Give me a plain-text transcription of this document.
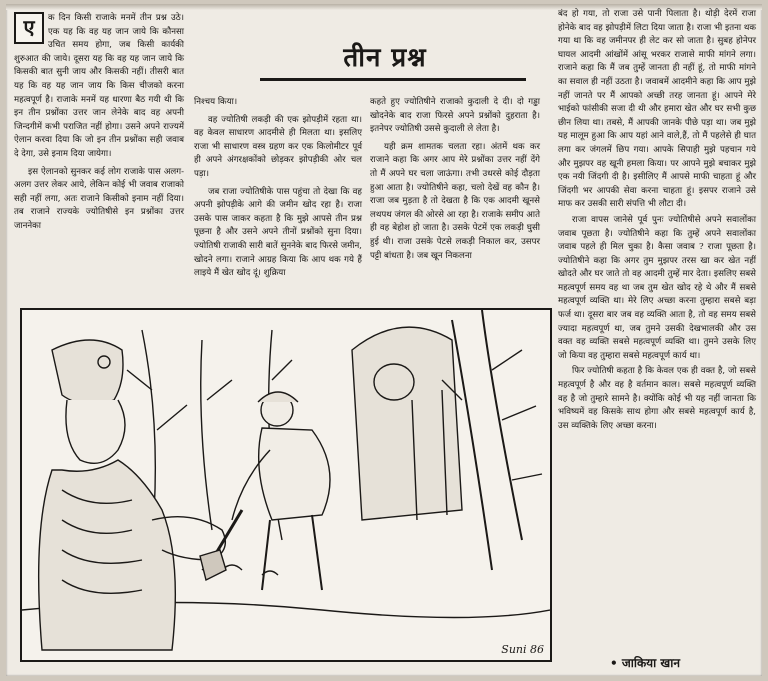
तीन प्रश्न

ए	क दिन किसी राजाके मनमें तीन प्रश्न उठे। एक यह कि वह यह जान जाये कि कौनसा उचित समय होगा, जब किसी कार्यकी शुरुआत की जाये। दूसरा यह कि वह यह जान जाये कि किसकी बात सुनी जाय और किसकी नहीं। तीसरी बात यह कि वह यह जान जाय कि किस चीजको करना महत्वपूर्ण है। राजाके मनमें यह धारणा बैठ गयी थी कि इन तीन प्रश्नोंका उत्तर जान लेनेके बाद वह अपनी जिन्दगीमें कभी पराजित नहीं होगा। उसने अपने राज्यमें ऐलान करवा दिया कि जो इन तीन प्रश्नोंका सही जवाब दे देगा, उसे इनाम दिया जायेगा।

इस ऐलानको सुनकर कई लोग राजाके पास अलग-अलग उत्तर लेकर आये, लेकिन कोई भी जवाब राजाको सही नहीं लगा, अतः राजाने किसीको इनाम नहीं दिया। तब राजाने राज्यके ज्योतिषीसे इन प्रश्नोंका उत्तर जाननेका

निश्चय किया।

वह ज्योतिषी लकड़ी की एक झोपड़ीमें रहता था। वह केवल साधारण आदमीसे ही मिलता था। इसलिए राजा भी साधारण वस्त्र ग्रहण कर एक किलोमीटर पूर्व ही अपने अंगरक्षकोंको छोड़कर झोपड़ीकी ओर चल पड़ा।

जब राजा ज्योतिषीके पास पहुंचा तो देखा कि वह अपनी झोपड़ीके आगे की जमीन खोद रहा है। राजा उसके पास जाकर कहता है कि मुझे आपसे तीन प्रश्न पूछना है और उसने अपने तीनों प्रश्नोंको सुना दिया। ज्योतिषी राजाकी सारी बातें सुननेके बाद फिरसे जमीन, खोदने लगा। राजाने आग्रह किया कि आप थक गये हैं लाइये मैं खेत खोद दूं। शुक्रिया

कहते हुए ज्योतिषीने राजाको कुदाली दे दी। दो गड्ढा खोदनेके बाद राजा फिरसे अपने प्रश्नोंको दुहराता है। इतनेपर ज्योतिषी उससे कुदाली ले लेता है।

यही क्रम शामतक चलता रहा। अंतमें थक कर राजाने कहा कि अगर आप मेरे प्रश्नोंका उत्तर नहीं देंगे तो मैं अपने घर चला जाऊंगा। तभी उधरसे कोई दौड़ता हुआ आता है। ज्योतिषीने कहा, चलो देखें वह कौन है। राजा जब मुड़ता है तो देखता है कि एक आदमी खूनसे लथपथ जंगल की ओरसे आ रहा है। राजाके समीप आते ही वह बेहोश हो जाता है। उसके पेटमें एक लकड़ी घुसी हुई थी। राजा उसके पेटसे लकड़ी निकाल कर, उसपर पट्टी बांधता है। जब खून निकलना

बंद हो गया, तो राजा उसे पानी पिलाता है। थोड़ी देरमें राजा होनेके बाद वह झोपड़ीमें लिटा दिया जाता है। राजा भी इतना थक गया था कि वह जमीनपर ही लेट कर सो जाता है। सुबह होनेपर घायल आदमी आंखोंमें आंसू भरकर राजासे माफी मांगने लगा। राजाने कहा कि मैं जब तुम्हें जानता ही नहीं हूं, तो माफी मांगने का सवाल ही नहीं उठता है। जवाबमें आदमीने कहा कि आप मुझे नहीं जानते पर मैं आपको अच्छी तरह जानता हूं। आपने मेरे भाईको फांसीकी सजा दी थी और हमारा खेत और घर सभी कुछ छीन लिया था। तबसे, मैं आपकी जानके पीछे पड़ा था। जब मुझे यह मालूम हुआ कि आप यहां आने वाले,हैं, तो मैं पहलेसे ही घात लगा कर जंगलमें छिप गया। आपके सिपाही मुझे पहचान गये और मुझपर वह खूनी हमला किया। पर आपने मुझे बचाकर मुझे एक नयी जिंदगी दी है। इसीलिए मैं आपसे माफी चाहता हूं और जिंदगी भर आपकी सेवा करना चाहता हूं। इसपर राजाने उसे माफ कर उसकी सारी संपत्ति भी लौटा दी।

राजा वापस जानेसे पूर्व पुनः ज्योतिषीसे अपने सवालोंका जवाब पूछता है। ज्योतिषीने कहा कि तुम्हें अपने सवालोंका जवाब पहले ही मिल चुका है। कैसा जवाब ? राजा पूछता है। ज्योतिषीने कहा कि अगर तुम मुझपर तरस खा कर खेत नहीं खोदते और घर जाते तो वह आदमी तुम्हें मार देता। इसलिए सबसे महत्वपूर्ण समय वह था जब तुम खेत खोद रहे थे और मैं सबसे महत्वपूर्ण व्यक्ति था। मेरे लिए अच्छा करना तुम्हारा सबसे बड़ा फर्ज था। दूसरा बार जब वह व्यक्ति आता है, तो वह समय सबसे ज्यादा महत्वपूर्ण था, जब तुमने उसकी देखभालकी और उस वक्त वह व्यक्ति सबसे महत्वपूर्ण व्यक्ति था। तुमने उसके लिए जो किया वह तुम्हारा सबसे महत्वपूर्ण कार्य था।

फिर ज्योतिषी कहता है कि केवल एक ही वक्त है, जो सबसे महत्वपूर्ण है और वह है वर्तमान काल। सबसे महत्वपूर्ण व्यक्ति वह है जो तुम्हारे सामने है। क्योंकि कोई भी यह नहीं जानता कि भविष्यमें वह किसके साथ होगा और सबसे महत्वपूर्ण कार्य है, उस व्यक्तिके लिए अच्छा करना।

Suni 86
• जाकिया खान
